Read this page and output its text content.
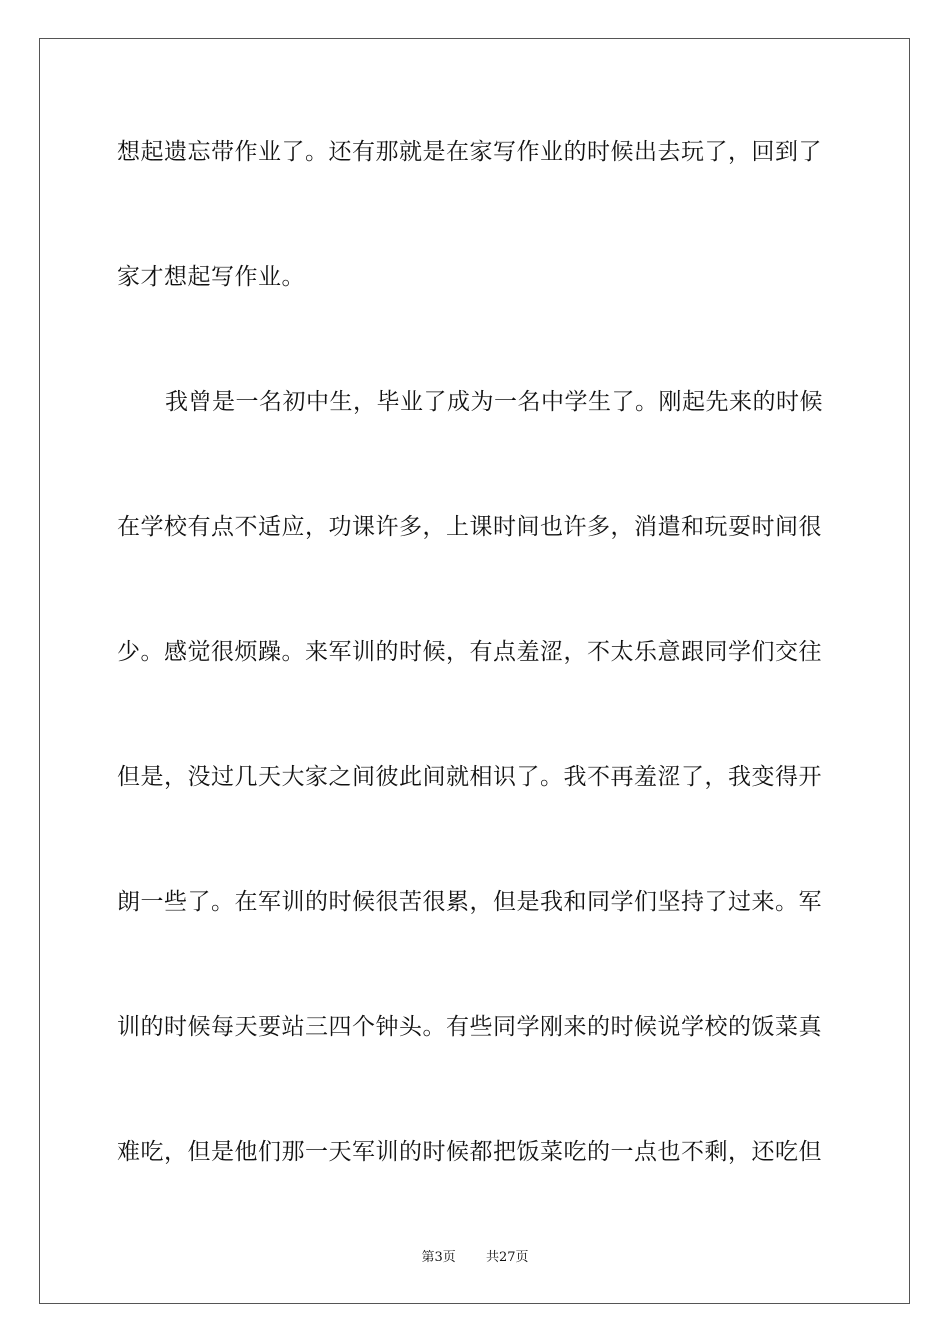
想起遗忘带作业了。还有那就是在家写作业的时候出去玩了，回到了
家才想起写作业。
我曾是一名初中生，毕业了成为一名中学生了。刚起先来的时候
在学校有点不适应，功课许多，上课时间也许多，消遣和玩耍时间很
少。感觉很烦躁。来军训的时候，有点羞涩，不太乐意跟同学们交往
但是，没过几天大家之间彼此间就相识了。我不再羞涩了，我变得开
朗一些了。在军训的时候很苦很累，但是我和同学们坚持了过来。军
训的时候每天要站三四个钟头。有些同学刚来的时候说学校的饭菜真
难吃，但是他们那一天军训的时候都把饭菜吃的一点也不剩，还吃但
第3页 共27页
